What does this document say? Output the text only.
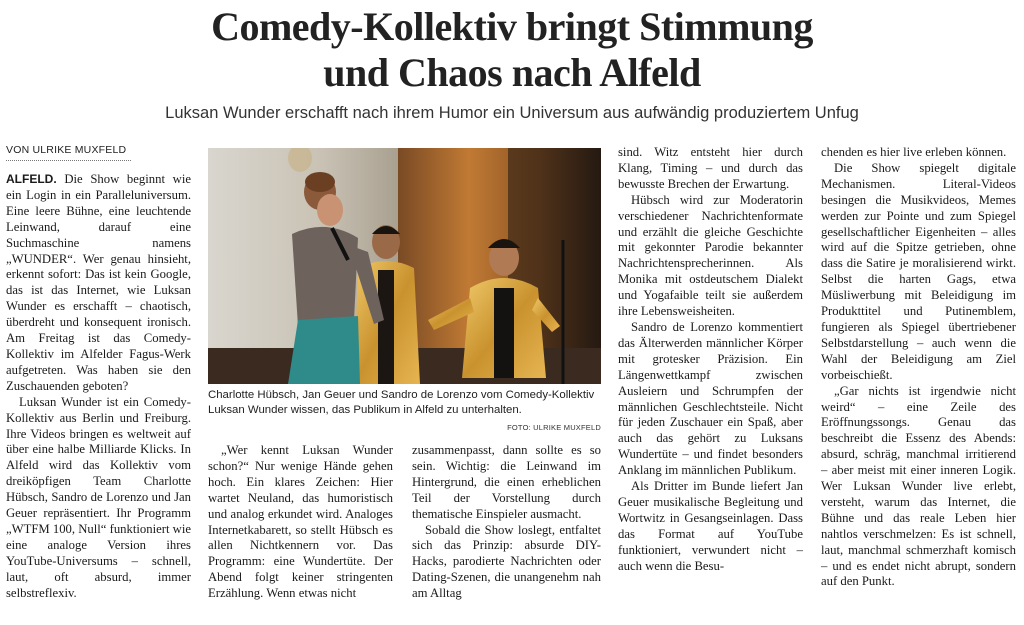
Comedy-Kollektiv bringt Stimmung
und Chaos nach Alfeld
Luksan Wunder erschafft nach ihrem Humor ein Universum aus aufwändig produziertem Unfug
VON ULRIKE MUXFELD

ALFELD. Die Show beginnt wie ein Login in ein Paralleluniversum. Eine leere Bühne, eine leuchtende Leinwand, darauf eine Suchmaschine namens „WUNDER“. Wer genau hinsieht, erkennt sofort: Das ist kein Google, das ist das Internet, wie Luksan Wunder es erschafft – chaotisch, überdreht und konsequent ironisch. Am Freitag ist das Comedy-Kollektiv im Alfelder Fagus-Werk aufgetreten. Was haben sie den Zuschauenden geboten?

Luksan Wunder ist ein Comedy-Kollektiv aus Berlin und Freiburg. Ihre Videos bringen es weltweit auf über eine halbe Milliarde Klicks. In Alfeld wird das Kollektiv vom dreiköpfigen Team Charlotte Hübsch, Sandro de Lorenzo und Jan Geuer repräsentiert. Ihr Programm „WTFM 100, Null“ funktioniert wie eine analoge Version ihres YouTube-Universums – schnell, laut, oft absurd, immer selbstreflexiv.

Charlotte Hübsch, Jan Geuer und Sandro de Lorenzo vom Comedy-Kollektiv Luksan Wunder wissen, das Publikum in Alfeld zu unterhalten.
FOTO: ULRIKE MUXFELD

„Wer kennt Luksan Wunder schon?“ Nur wenige Hände gehen hoch. Ein klares Zeichen: Hier wartet Neuland, das humoristisch und analog erkundet wird. Analoges Internetkabarett, so stellt Hübsch es allen Nichtkennern vor. Das Programm: eine Wundertüte. Der Abend folgt keiner stringenten Erzählung. Wenn etwas nicht

zusammenpasst, dann sollte es so sein. Wichtig: die Leinwand im Hintergrund, die einen erheblichen Teil der Vorstellung durch thematische Einspieler ausmacht.

Sobald die Show loslegt, entfaltet sich das Prinzip: absurde DIY-Hacks, parodierte Nachrichten oder Dating-Szenen, die unangenehm nah am Alltag

sind. Witz entsteht hier durch Klang, Timing – und durch das bewusste Brechen der Erwartung.

Hübsch wird zur Moderatorin verschiedener Nachrichtenformate und erzählt die gleiche Geschichte mit gekonnter Parodie bekannter Nachrichtensprecherinnen. Als Monika mit ostdeutschem Dialekt und Yogafaible teilt sie außerdem ihre Lebensweisheiten.

Sandro de Lorenzo kommentiert das Älterwerden männlicher Körper mit grotesker Präzision. Ein Längenwettkampf zwischen Ausleiern und Schrumpfen der männlichen Geschlechtsteile. Nicht für jeden Zuschauer ein Spaß, aber auch das gehört zu Luksans Wundertüte – und findet besonders Anklang im männlichen Publikum.

Als Dritter im Bunde liefert Jan Geuer musikalische Begleitung und Wortwitz in Gesangseinlagen. Dass das Format auf YouTube funktioniert, verwundert nicht – auch wenn die Besu-

chenden es hier live erleben können.

Die Show spiegelt digitale Mechanismen. Literal-Videos besingen die Musikvideos, Memes werden zur Pointe und zum Spiegel gesellschaftlicher Eigenheiten – alles wird auf die Spitze getrieben, ohne dass die Satire je moralisierend wirkt. Selbst die harten Gags, etwa Müsliwerbung mit Beleidigung im Produkttitel und Putinemblem, fungieren als Spiegel übertriebener Selbstdarstellung – auch wenn die Wahl der Beleidigung am Ziel vorbeischießt.

„Gar nichts ist irgendwie nicht weird“ – eine Zeile des Eröffnungssongs. Genau das beschreibt die Essenz des Abends: absurd, schräg, manchmal irritierend – aber meist mit einer inneren Logik. Wer Luksan Wunder live erlebt, versteht, warum das Internet, die Bühne und das reale Leben hier nahtlos verschmelzen: Es ist schnell, laut, manchmal schmerzhaft komisch – und es endet nicht abrupt, sondern auf den Punkt.
